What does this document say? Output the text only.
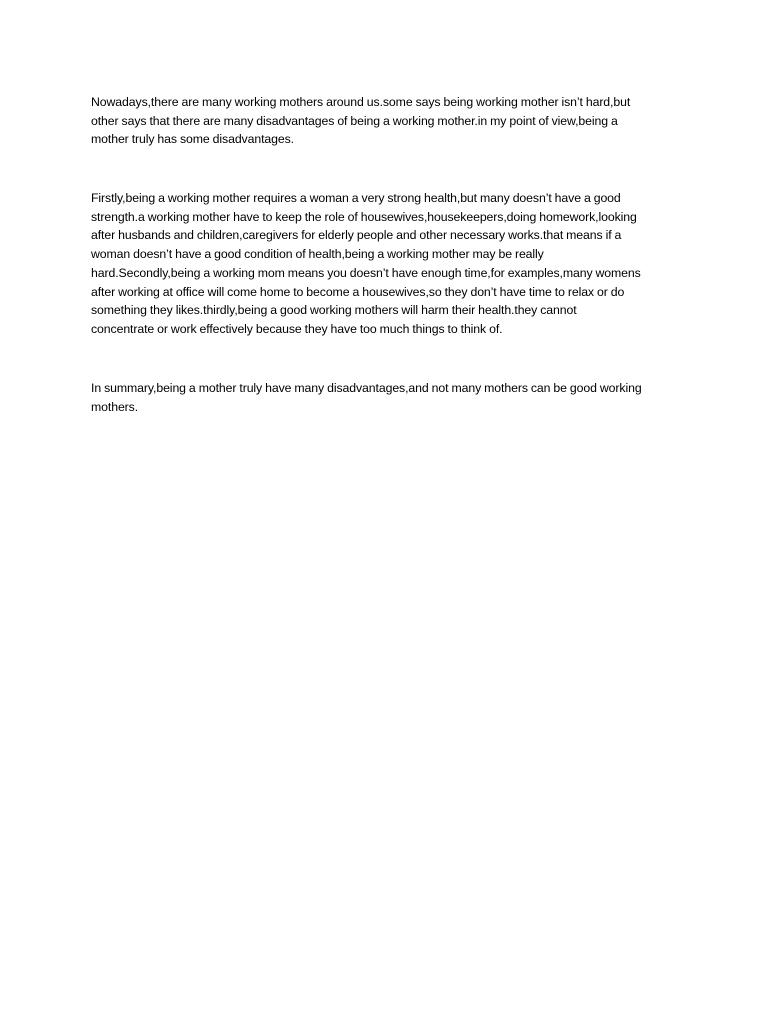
Nowadays,there are many working mothers around us.some says being working mother isn’t hard,but
other says that there are many disadvantages of being a working mother.in my point of view,being a
mother truly has some disadvantages.

Firstly,being a working mother requires a woman a very strong health,but many doesn’t have a good
strength.a working mother have to keep the role of housewives,housekeepers,doing homework,looking
after husbands and children,caregivers for elderly people and other necessary works.that means if a
woman doesn’t have a good condition of health,being a working mother may be really
hard.Secondly,being a working mom means you doesn’t have enough time,for examples,many womens
after working at office will come home to become a housewives,so they don’t have time to relax or do
something they likes.thirdly,being a good working mothers will harm their health.they cannot
concentrate or work effectively because they have too much things to think of.

In summary,being a mother truly have many disadvantages,and not many mothers can be good working
mothers.
